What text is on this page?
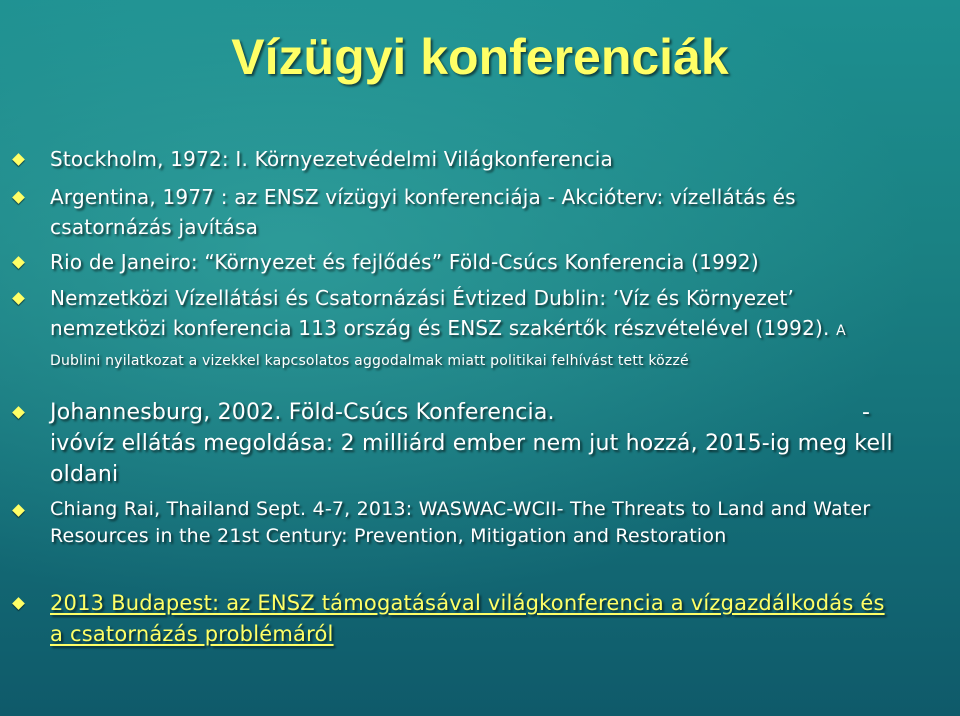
Vízügyi konferenciák
Stockholm, 1972: I. Környezetvédelmi Világkonferencia
Argentina, 1977 : az ENSZ vízügyi konferenciája - Akcióterv: vízellátás és csatornázás javítása
Rio de Janeiro: “Környezet és fejlődés” Föld-Csúcs Konferencia (1992)
Nemzetközi Vízellátási és Csatornázási Évtized Dublin: ‘Víz és Környezet’ nemzetközi konferencia 113 ország és ENSZ szakértők részvételével (1992). A Dublini nyilatkozat a vizekkel kapcsolatos aggodalmak miatt politikai felhívást tett közzé
Johannesburg, 2002. Föld-Csúcs Konferencia.	-

ivóvíz ellátás megoldása: 2 milliárd ember nem jut hozzá, 2015-ig meg kell oldani
Chiang Rai, Thailand Sept. 4-7, 2013: WASWAC-WCII- The Threats to Land and Water Resources in the 21st Century: Prevention, Mitigation and Restoration
2013 Budapest: az ENSZ támogatásával világkonferencia a vízgazdálkodás és a csatornázás problémáról
